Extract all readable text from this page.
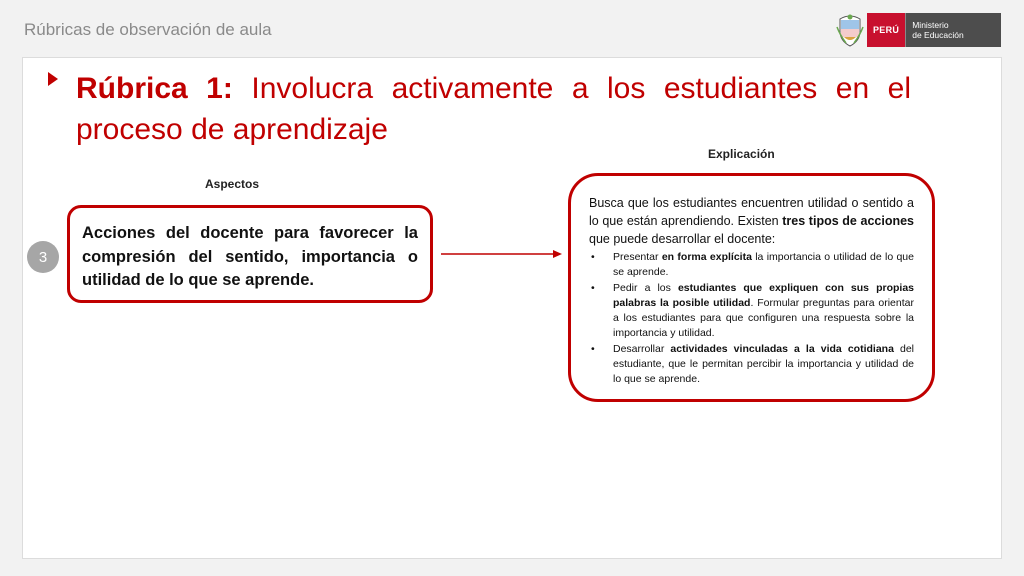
Rúbricas de observación de aula	PERÚ	Ministerio
de Educación
Rúbrica 1: Involucra activamente a los estudiantes en el proceso de aprendizaje
Aspectos
Explicación
3
Acciones del docente para favorecer la compresión del sentido, importancia o utilidad de lo que se aprende.
Busca que los estudiantes encuentren utilidad o sentido a lo que están aprendiendo. Existen tres tipos de acciones que puede desarrollar el docente:
• Presentar en forma explícita la importancia o utilidad de lo que se aprende.
• Pedir a los estudiantes que expliquen con sus propias palabras la posible utilidad. Formular preguntas para orientar a los estudiantes para que configuren una respuesta sobre la importancia y utilidad.
• Desarrollar actividades vinculadas a la vida cotidiana del estudiante, que le permitan percibir la importancia y utilidad de lo que se aprende.
